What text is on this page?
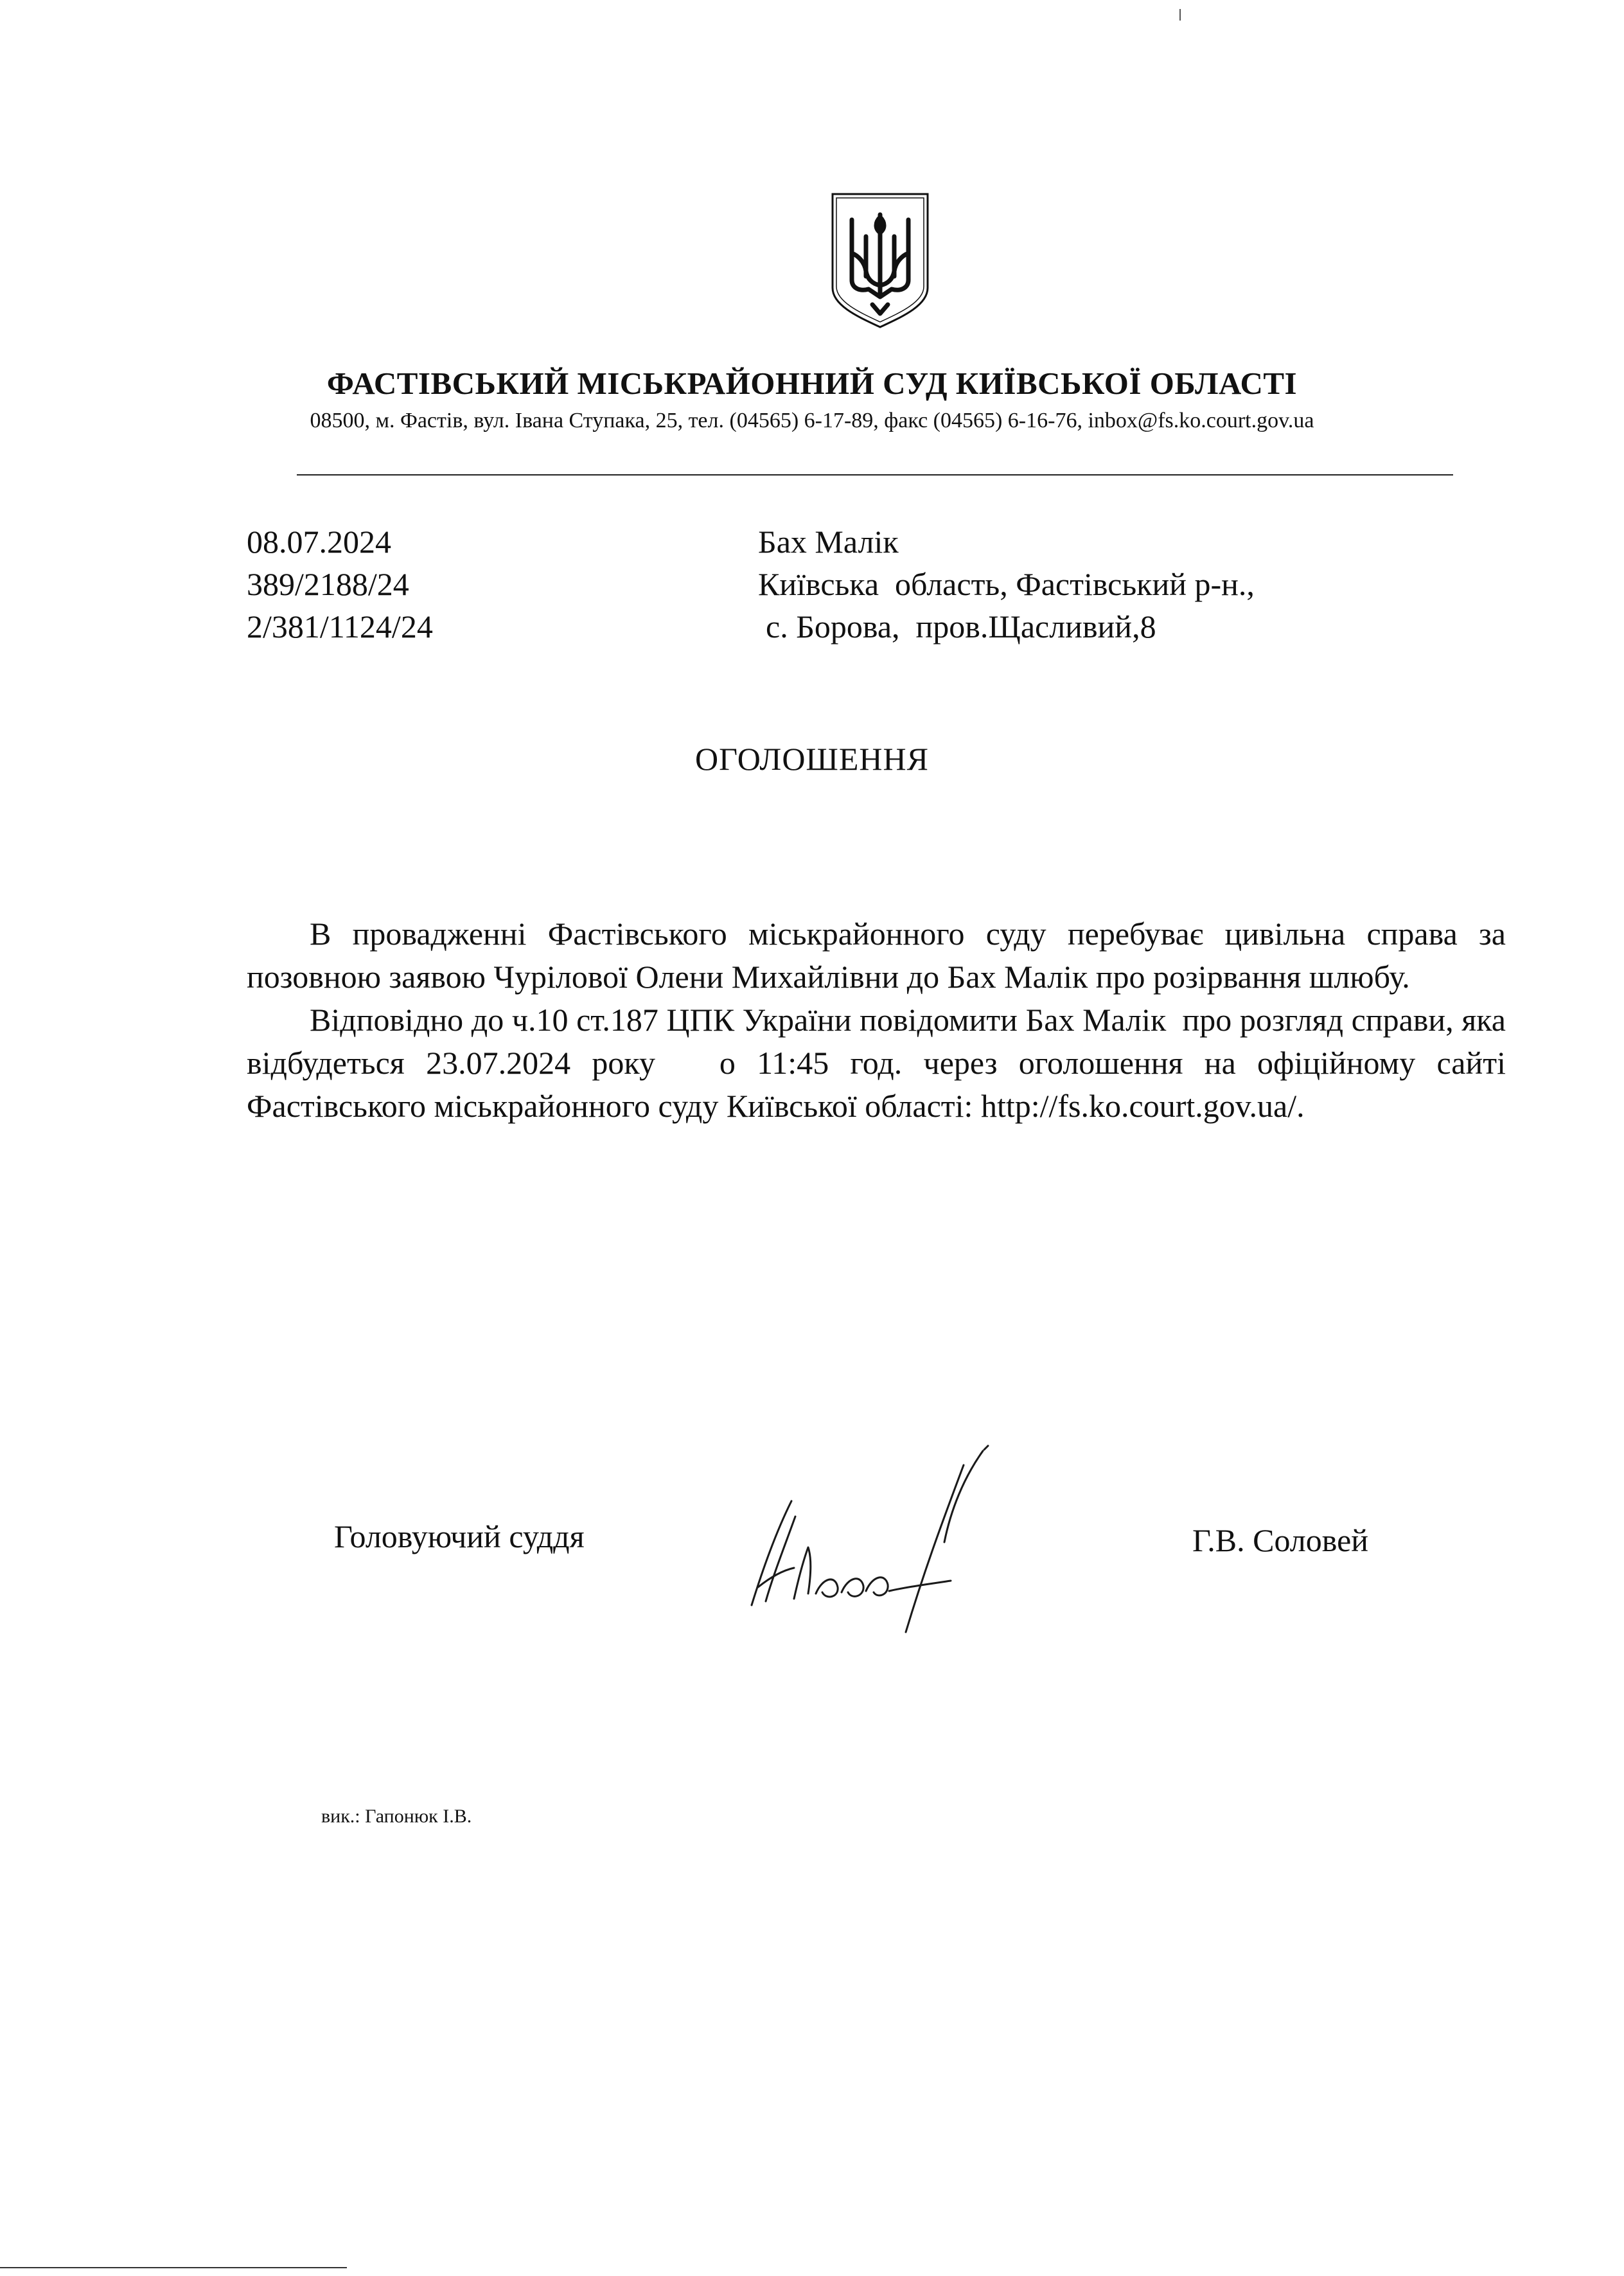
ФАСТІВСЬКИЙ МІСЬКРАЙОННИЙ СУД КИЇВСЬКОЇ ОБЛАСТІ
08500, м. Фастів, вул. Івана Ступака, 25, тел. (04565) 6-17-89, факс (04565) 6-16-76, inbox@fs.ko.court.gov.ua
08.07.2024
389/2188/24
2/381/1124/24
Бах Малік
Київська  область, Фастівський р-н.,
с. Борова,  пров.Щасливий,8
ОГОЛОШЕННЯ

В провадженні Фастівського міськрайонного суду перебуває цивільна справа за позовною заявою Чурілової Олени Михайлівни до Бах Малік про розірвання шлюбу.

Відповідно до ч.10 ст.187 ЦПК України повідомити Бах Малік  про розгляд справи, яка відбудеться 23.07.2024 року   о 11:45 год. через оголошення на офіційному сайті Фастівського міськрайонного суду Київської області: http://fs.ko.court.gov.ua/.

Головуючий суддя	Г.В. Соловей
вик.: Гапонюк І.В.
